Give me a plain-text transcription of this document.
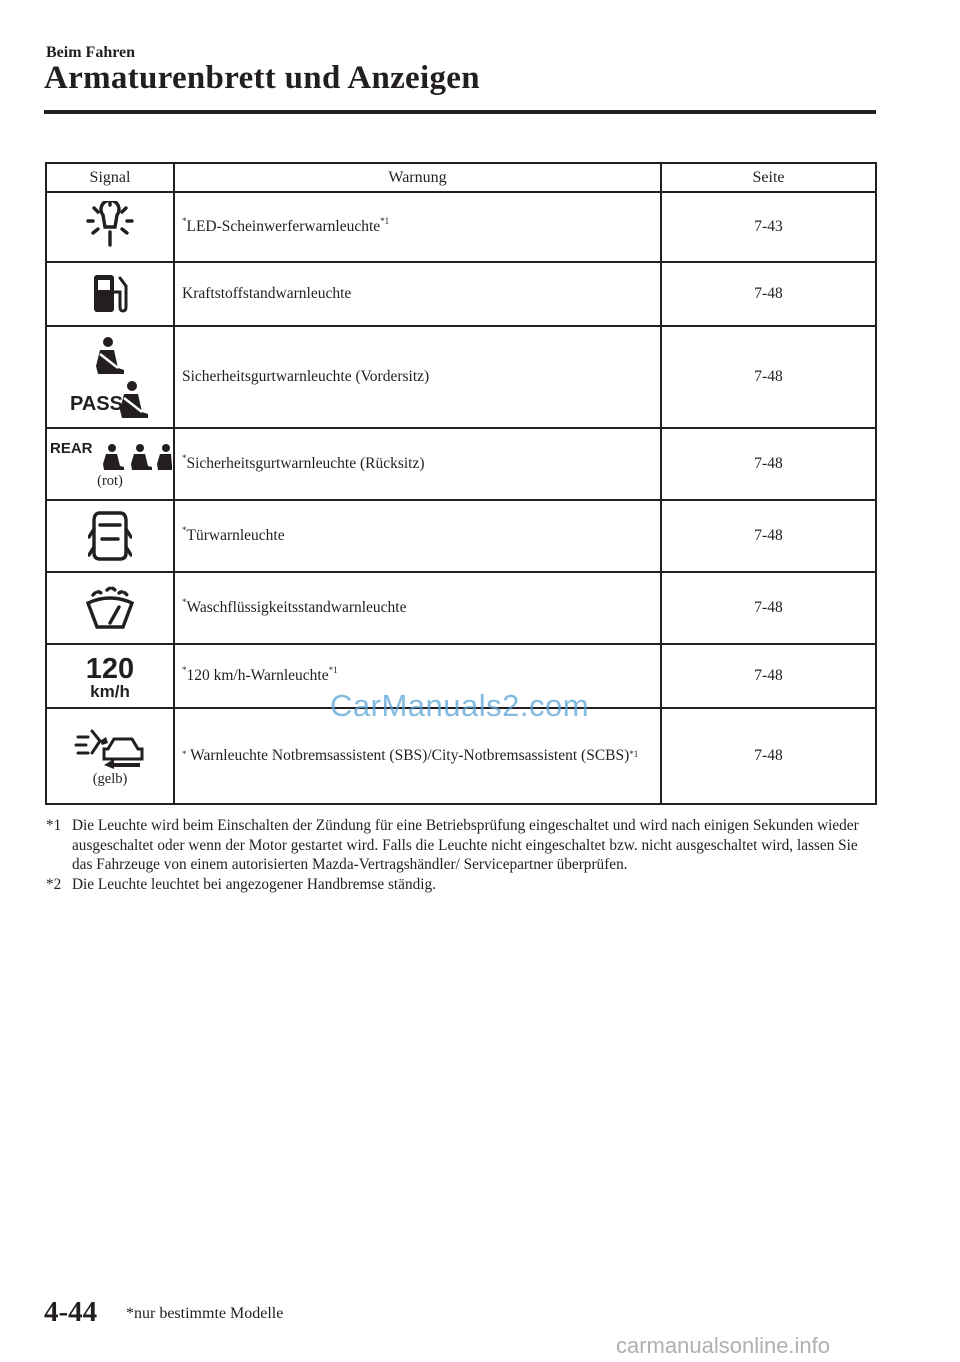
Beim Fahren
Armaturenbrett und Anzeigen
Signal	Warnung	Seite

	*LED-Scheinwerferwarnleuchte$^{*1}$	7-43

	Kraftstoffstandwarnleuchte	7-48

PASS	Sicherheitsgurtwarnleuchte (Vordersitz)	7-48

REAR
(rot)	*Sicherheitsgurtwarnleuchte (Rücksitz)	7-48

	*Türwarnleuchte	7-48

	*Waschflüssigkeitsstandwarnleuchte	7-48

120
km/h	*120 km/h-Warnleuchte$^{*1}$	7-48

(gelb)	* Warnleuchte Notbremsassistent (SBS)/City-Notbremsassistent (SCBS)$^{*1}$	7-48
CarManuals2.com
*1 Die Leuchte wird beim Einschalten der Zündung für eine Betriebsprüfung eingeschaltet und wird nach einigen Sekunden wieder ausgeschaltet oder wenn der Motor gestartet wird. Falls die Leuchte nicht eingeschaltet bzw. nicht ausgeschaltet wird, lassen Sie das Fahrzeuge von einem autorisierten Mazda-Vertragshändler/ Servicepartner überprüfen.
*2 Die Leuchte leuchtet bei angezogener Handbremse ständig.
4-44 *nur bestimmte Modelle
carmanualsonline.info
